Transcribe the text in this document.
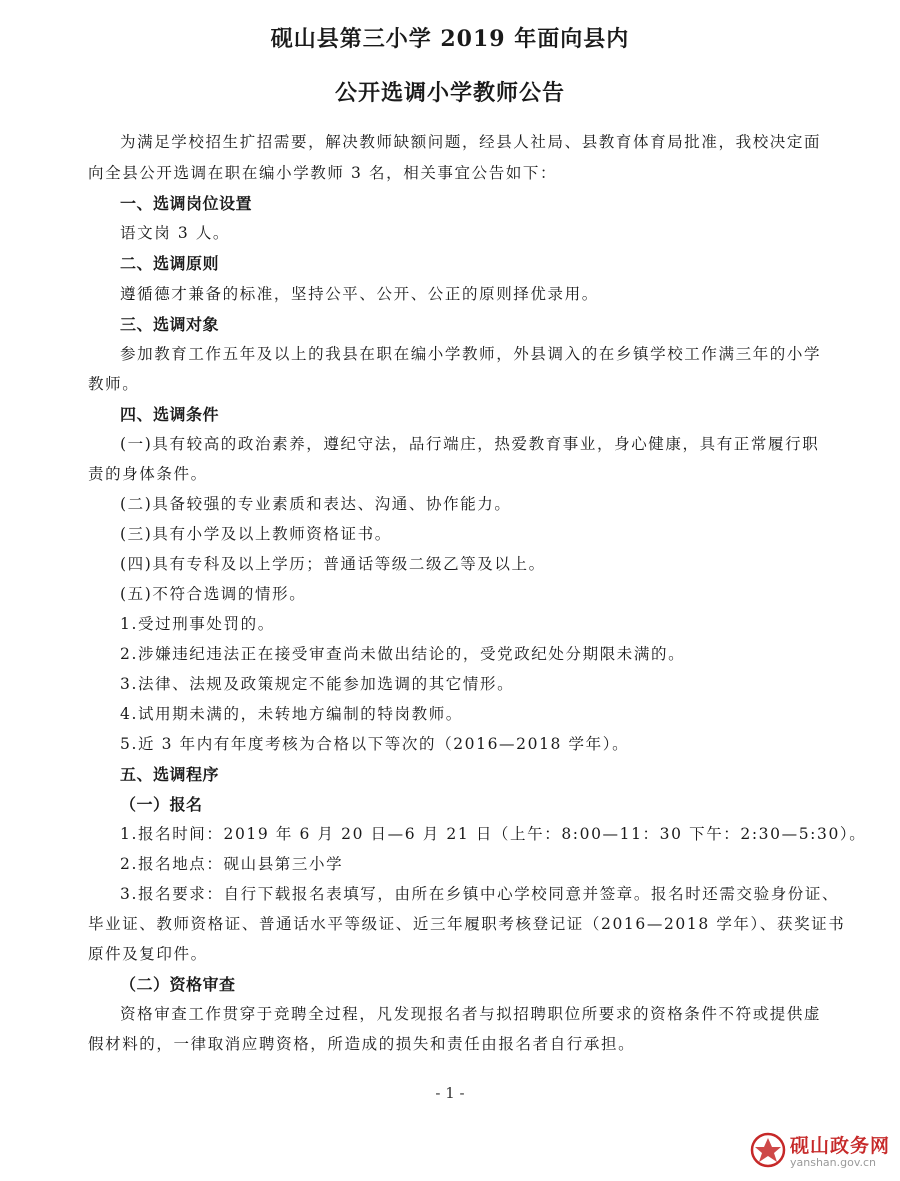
砚山县第三小学 2019 年面向县内
公开选调小学教师公告
为满足学校招生扩招需要，解决教师缺额问题，经县人社局、县教育体育局批准，我校决定面
向全县公开选调在职在编小学教师 3 名，相关事宜公告如下：
一、选调岗位设置
语文岗 3 人。
二、选调原则
遵循德才兼备的标准，坚持公平、公开、公正的原则择优录用。
三、选调对象
参加教育工作五年及以上的我县在职在编小学教师，外县调入的在乡镇学校工作满三年的小学
教师。
四、选调条件
(一)具有较高的政治素养，遵纪守法，品行端庄，热爱教育事业，身心健康，具有正常履行职
责的身体条件。
(二)具备较强的专业素质和表达、沟通、协作能力。
(三)具有小学及以上教师资格证书。
(四)具有专科及以上学历；普通话等级二级乙等及以上。
(五)不符合选调的情形。
1.受过刑事处罚的。
2.涉嫌违纪违法正在接受审查尚未做出结论的，受党政纪处分期限未满的。
3.法律、法规及政策规定不能参加选调的其它情形。
4.试用期未满的，未转地方编制的特岗教师。
5.近 3 年内有年度考核为合格以下等次的（2016—2018 学年）。
五、选调程序
（一）报名
1.报名时间：2019 年 6 月 20 日—6 月 21 日（上午：8:00—11：30 下午：2:30—5:30）。
2.报名地点：砚山县第三小学
3.报名要求：自行下载报名表填写，由所在乡镇中心学校同意并签章。报名时还需交验身份证、
毕业证、教师资格证、普通话水平等级证、近三年履职考核登记证（2016—2018 学年）、获奖证书
原件及复印件。
（二）资格审查
资格审查工作贯穿于竞聘全过程，凡发现报名者与拟招聘职位所要求的资格条件不符或提供虚
假材料的，一律取消应聘资格，所造成的损失和责任由报名者自行承担。
- 1 -
砚山政务网
yanshan.gov.cn
